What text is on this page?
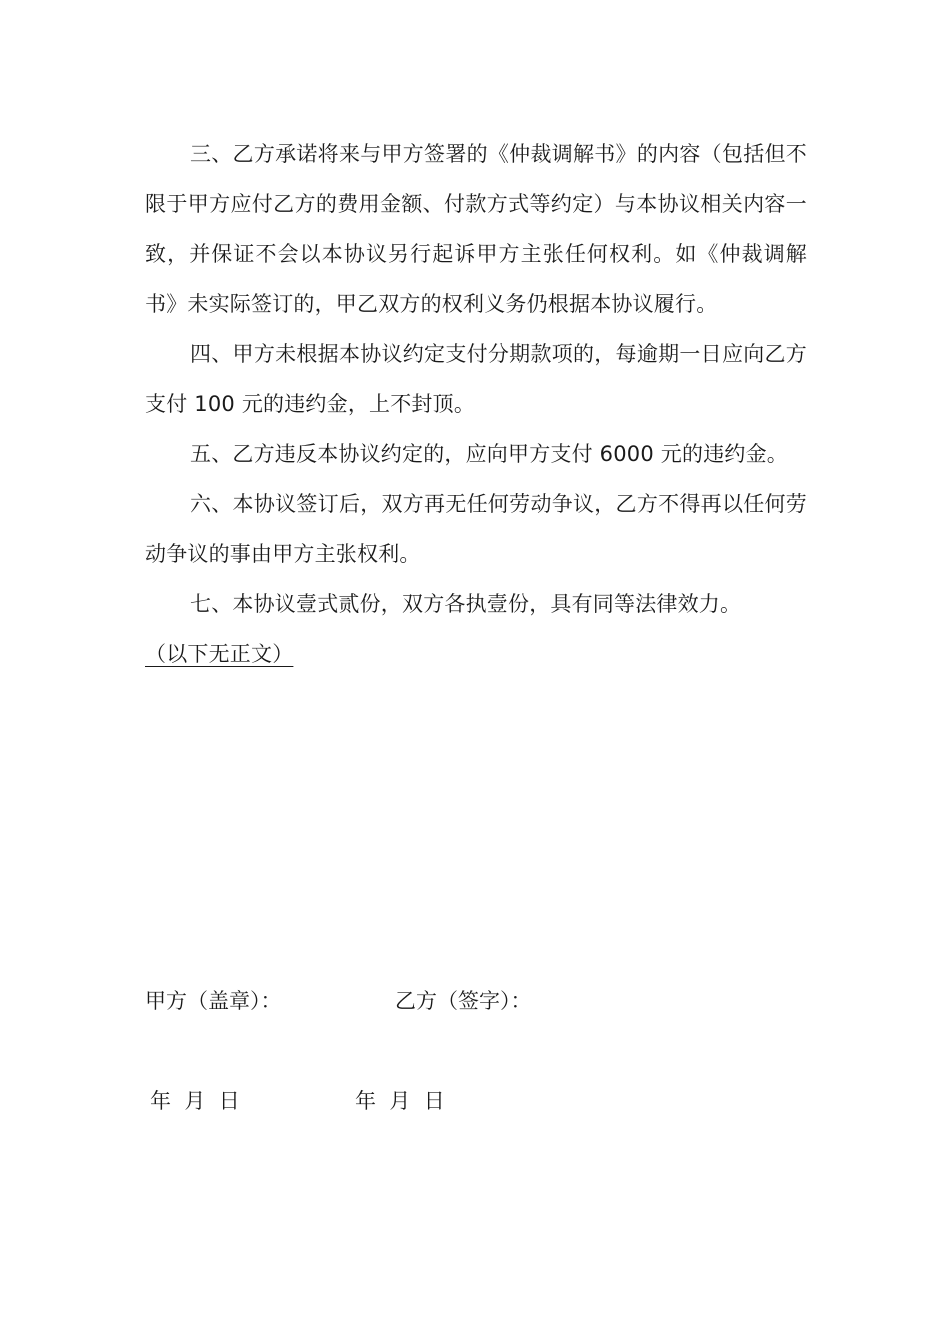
三、乙方承诺将来与甲方签署的《仲裁调解书》的内容（包括但不限于甲方应付乙方的费用金额、付款方式等约定）与本协议相关内容一致，并保证不会以本协议另行起诉甲方主张任何权利。如《仲裁调解书》未实际签订的，甲乙双方的权利义务仍根据本协议履行。

四、甲方未根据本协议约定支付分期款项的，每逾期一日应向乙方支付 100 元的违约金，上不封顶。

五、乙方违反本协议约定的，应向甲方支付 6000 元的违约金。

六、本协议签订后，双方再无任何劳动争议，乙方不得再以任何劳动争议的事由甲方主张权利。

七、本协议壹式贰份，双方各执壹份，具有同等法律效力。

（以下无正文）

甲方（盖章）：	乙方（签字）：
年  月  日	年  月  日
